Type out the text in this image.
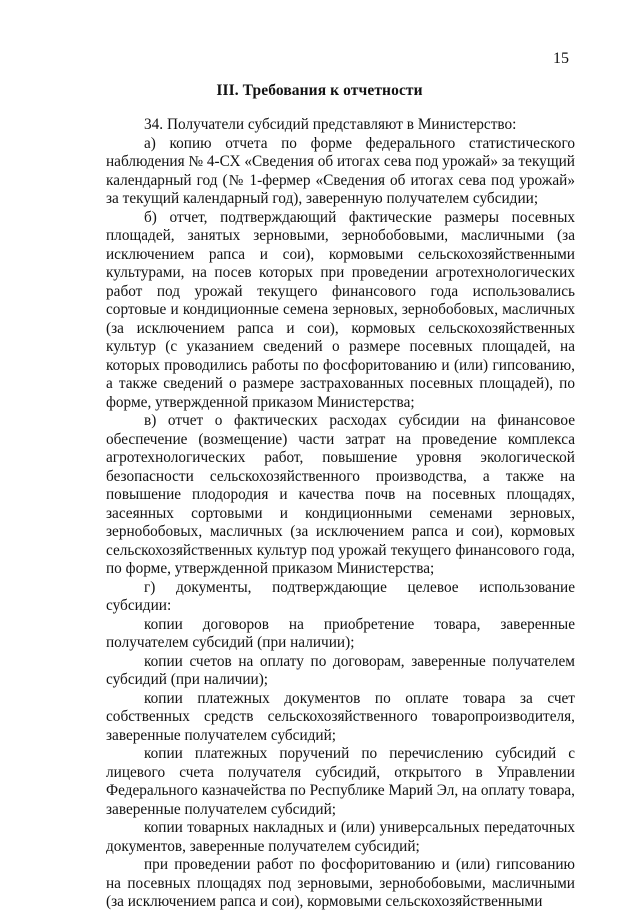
15
III. Требования к отчетности

34. Получатели субсидий представляют в Министерство:

а) копию отчета по форме федерального статистического наблюдения № 4-СХ «Сведения об итогах сева под урожай» за текущий календарный год (№ 1-фермер «Сведения об итогах сева под урожай» за текущий календарный год), заверенную получателем субсидии;

б) отчет, подтверждающий фактические размеры посевных площадей, занятых зерновыми, зернобобовыми, масличными (за исключением рапса и сои), кормовыми сельскохозяйственными культурами, на посев которых при проведении агротехнологических работ под урожай текущего финансового года использовались сортовые и кондиционные семена зерновых, зернобобовых, масличных (за исключением рапса и сои), кормовых сельскохозяйственных культур (с указанием сведений о размере посевных площадей, на которых проводились работы по фосфоритованию и (или) гипсованию, а также сведений о размере застрахованных посевных площадей), по форме, утвержденной приказом Министерства;

в) отчет о фактических расходах субсидии на финансовое обеспечение (возмещение) части затрат на проведение комплекса агротехнологических работ, повышение уровня экологической безопасности сельскохозяйственного производства, а также на повышение плодородия и качества почв на посевных площадях, засеянных сортовыми и кондиционными семенами зерновых, зернобобовых, масличных (за исключением рапса и сои), кормовых сельскохозяйственных культур под урожай текущего финансового года, по форме, утвержденной приказом Министерства;

г) документы, подтверждающие целевое использование субсидии:

копии договоров на приобретение товара, заверенные получателем субсидий (при наличии);

копии счетов на оплату по договорам, заверенные получателем субсидий (при наличии);

копии платежных документов по оплате товара за счет собственных средств сельскохозяйственного товаропроизводителя, заверенные получателем субсидий;

копии платежных поручений по перечислению субсидий с лицевого счета получателя субсидий, открытого в Управлении Федерального казначейства по Республике Марий Эл, на оплату товара, заверенные получателем субсидий;

копии товарных накладных и (или) универсальных передаточных документов, заверенные получателем субсидий;

при проведении работ по фосфоритованию и (или) гипсованию на посевных площадях под зерновыми, зернобобовыми, масличными (за исключением рапса и сои), кормовыми сельскохозяйственными
